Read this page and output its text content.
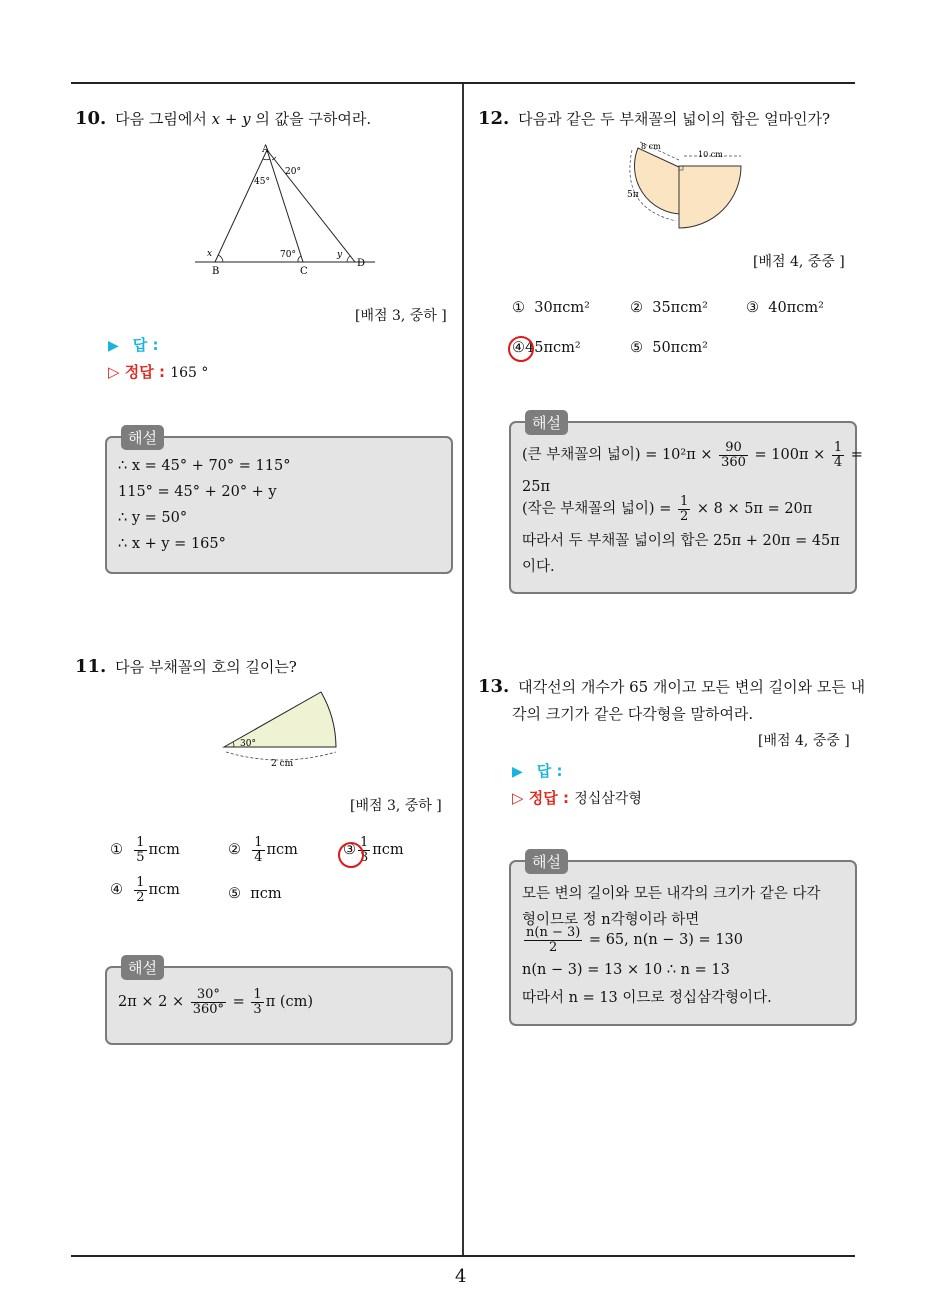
4
10. 다음 그림에서 x + y 의 값을 구하여라.
A
B	C
D
45°
20°
70°
x	y
[배점 3, 중하 ]
▶ 답 :
▷ 정답 : 165 °
해설
∴ x = 45° + 70° = 115°
115° = 45° + 20° + y
∴ y = 50°
∴ x + y = 165°
11. 다음 부채꼴의 호의 길이는?
30°
2 cm
[배점 3, 중하 ]
① $\frac{1}{5}$ πcm	② $\frac{1}{4}$ πcm	③ $\frac{1}{3}$ πcm
④ $\frac{1}{2}$ πcm	⑤ πcm
해설
$2\pi \times 2 \times \frac{30^\circ}{360^\circ} = \frac{1}{3}$ π (cm)
12. 다음과 같은 두 부채꼴의 넓이의 합은 얼마인가?
8 cm
10 cm
5π
[배점 4, 중중 ]
① 30πcm²	② 35πcm²	③ 40πcm²
④45πcm²	⑤ 50πcm²
해설
(큰 부채꼴의 넓이) = $10^2\pi \times \frac{90}{360} = 100\pi \times \frac{1}{4}$ =
25π
(작은 부채꼴의 넓이) = $\frac{1}{2} \times 8 \times 5\pi = 20\pi$
따라서 두 부채꼴 넓이의 합은 25π + 20π = 45π
이다.
13. 대각선의 개수가 65 개이고 모든 변의 길이와 모든 내
각의 크기가 같은 다각형을 말하여라.
[배점 4, 중중 ]
▶ 답 :
▷ 정답 : 정십삼각형
해설
모든 변의 길이와 모든 내각의 크기가 같은 다각
형이므로 정 n각형이라 하면
$\frac{n(n - 3)}{2} = 65$, n(n − 3) = 130
n(n − 3) = 13 × 10 ∴ n = 13
따라서 n = 13 이므로 정십삼각형이다.
